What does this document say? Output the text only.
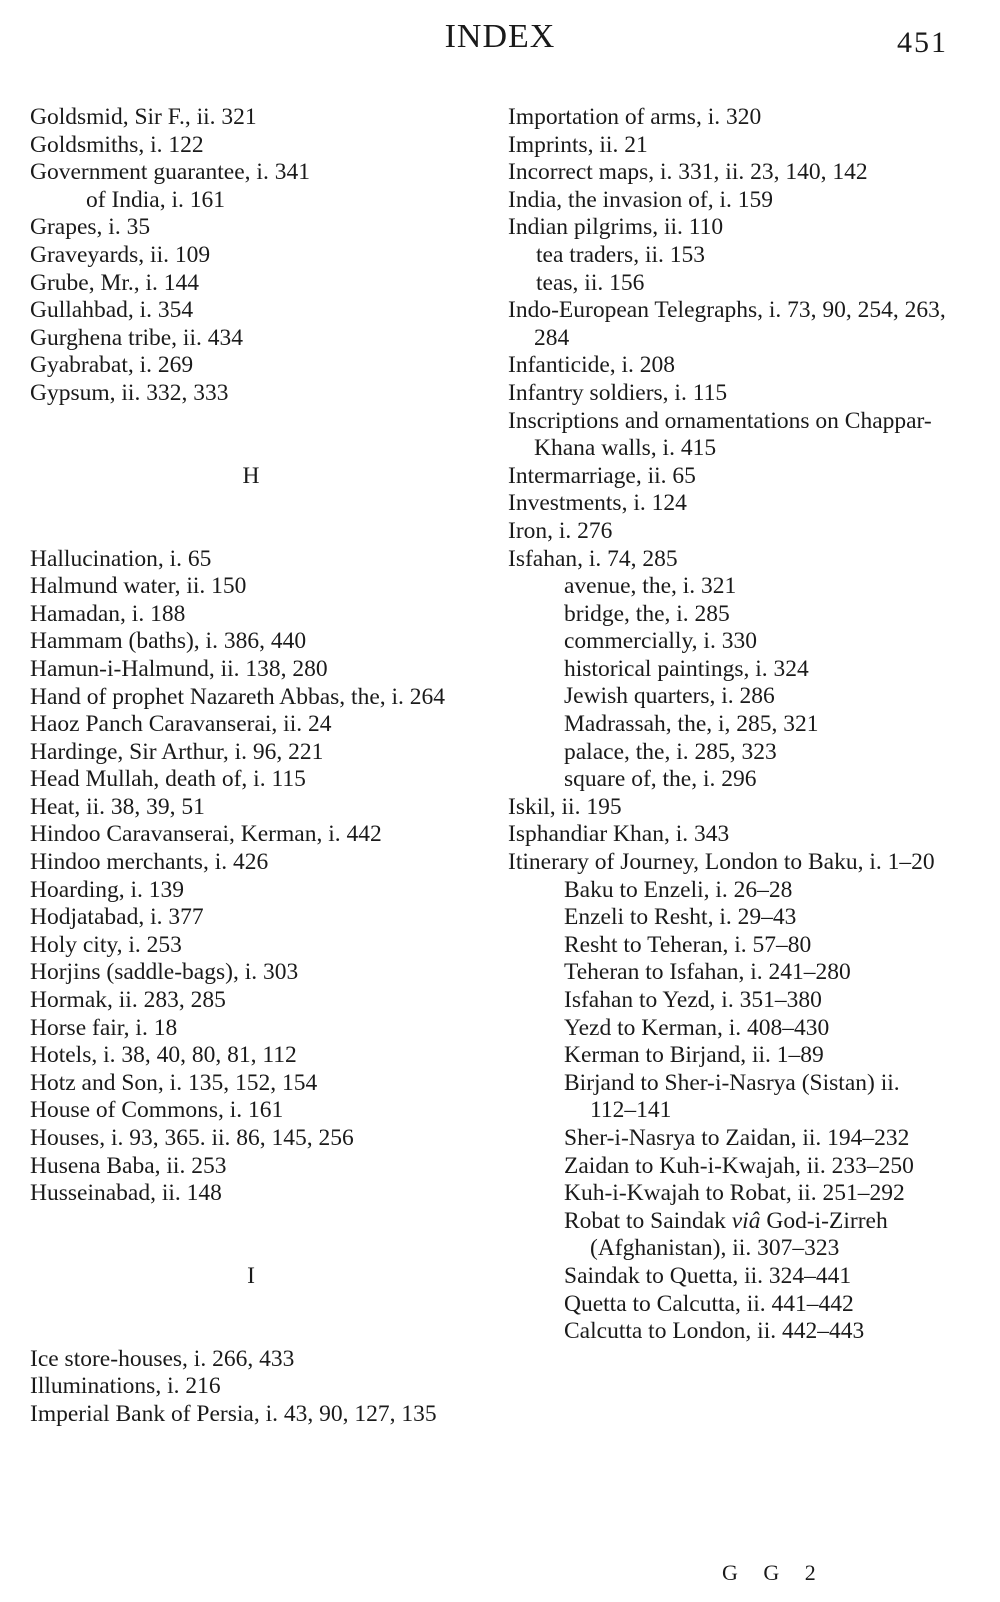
INDEX	451
Goldsmid, Sir F., ii. 321
Goldsmiths, i. 122
Government guarantee, i. 341
of India, i. 161
Grapes, i. 35
Graveyards, ii. 109
Grube, Mr., i. 144
Gullahbad, i. 354
Gurghena tribe, ii. 434
Gyabrabat, i. 269
Gypsum, ii. 332, 333
H
Hallucination, i. 65
Halmund water, ii. 150
Hamadan, i. 188
Hammam (baths), i. 386, 440
Hamun-i-Halmund, ii. 138, 280
Hand of prophet Nazareth Abbas, the, i. 264
Haoz Panch Caravanserai, ii. 24
Hardinge, Sir Arthur, i. 96, 221
Head Mullah, death of, i. 115
Heat, ii. 38, 39, 51
Hindoo Caravanserai, Kerman, i. 442
Hindoo merchants, i. 426
Hoarding, i. 139
Hodjatabad, i. 377
Holy city, i. 253
Horjins (saddle-bags), i. 303
Hormak, ii. 283, 285
Horse fair, i. 18
Hotels, i. 38, 40, 80, 81, 112
Hotz and Son, i. 135, 152, 154
House of Commons, i. 161
Houses, i. 93, 365. ii. 86, 145, 256
Husena Baba, ii. 253
Husseinabad, ii. 148
I
Ice store-houses, i. 266, 433
Illuminations, i. 216
Imperial Bank of Persia, i. 43, 90, 127, 135
Importation of arms, i. 320
Imprints, ii. 21
Incorrect maps, i. 331, ii. 23, 140, 142
India, the invasion of, i. 159
Indian pilgrims, ii. 110
tea traders, ii. 153
teas, ii. 156
Indo-European Telegraphs, i. 73, 90, 254, 263, 284
Infanticide, i. 208
Infantry soldiers, i. 115
Inscriptions and ornamentations on Chappar-Khana walls, i. 415
Intermarriage, ii. 65
Investments, i. 124
Iron, i. 276
Isfahan, i. 74, 285
avenue, the, i. 321
bridge, the, i. 285
commercially, i. 330
historical paintings, i. 324
Jewish quarters, i. 286
Madrassah, the, i, 285, 321
palace, the, i. 285, 323
square of, the, i. 296
Iskil, ii. 195
Isphandiar Khan, i. 343
Itinerary of Journey, London to Baku, i. 1–20
Baku to Enzeli, i. 26–28
Enzeli to Resht, i. 29–43
Resht to Teheran, i. 57–80
Teheran to Isfahan, i. 241–280
Isfahan to Yezd, i. 351–380
Yezd to Kerman, i. 408–430
Kerman to Birjand, ii. 1–89
Birjand to Sher-i-Nasrya (Sistan) ii. 112–141
Sher-i-Nasrya to Zaidan, ii. 194–232
Zaidan to Kuh-i-Kwajah, ii. 233–250
Kuh-i-Kwajah to Robat, ii. 251–292
Robat to Saindak viâ God-i-Zirreh (Afghanistan), ii. 307–323
Saindak to Quetta, ii. 324–441
Quetta to Calcutta, ii. 441–442
Calcutta to London, ii. 442–443
G G 2
